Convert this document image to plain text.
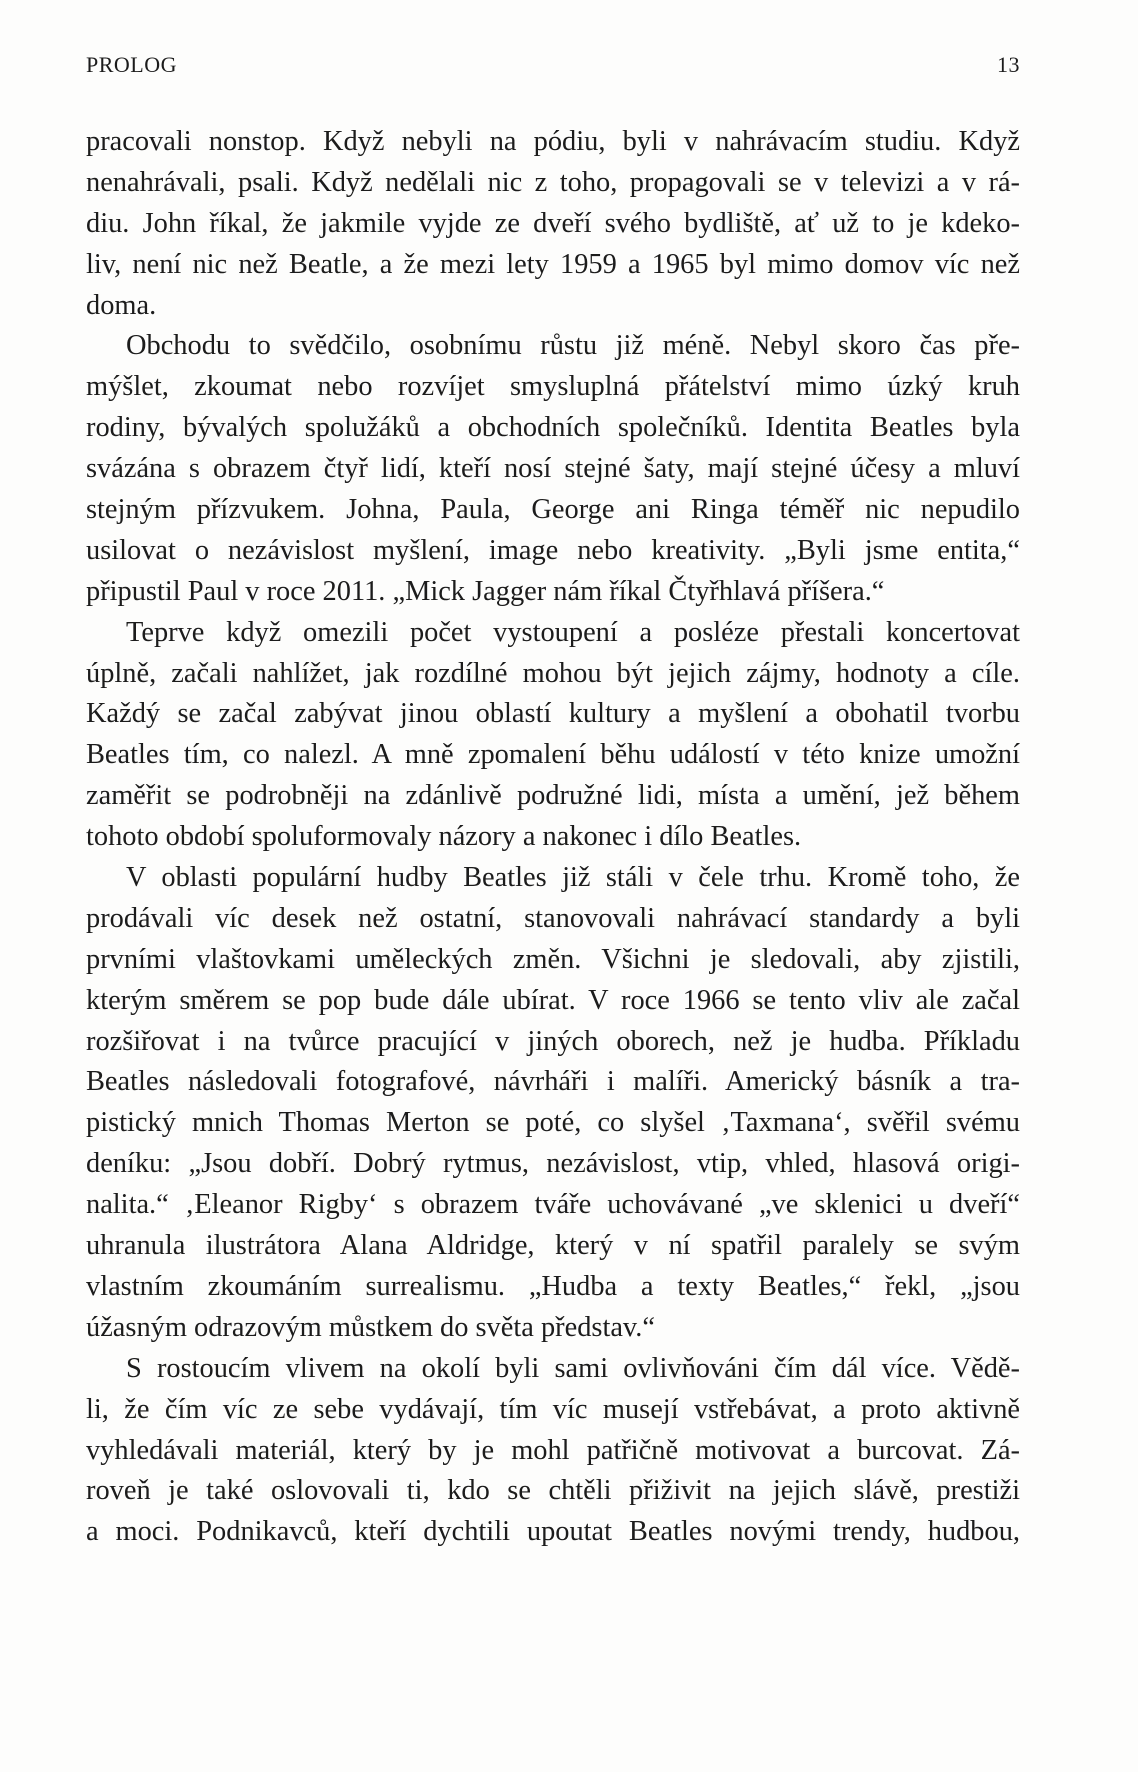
PROLOG	13
pracovali nonstop. Když nebyli na pódiu, byli v nahrávacím studiu. Když
nenahrávali, psali. Když nedělali nic z toho, propagovali se v televizi a v rá-
diu. John říkal, že jakmile vyjde ze dveří svého bydliště, ať už to je kdeko-
liv, není nic než Beatle, a že mezi lety 1959 a 1965 byl mimo domov víc než
doma.
Obchodu to svědčilo, osobnímu růstu již méně. Nebyl skoro čas pře-
mýšlet, zkoumat nebo rozvíjet smysluplná přátelství mimo úzký kruh
rodiny, bývalých spolužáků a obchodních společníků. Identita Beatles byla
svázána s obrazem čtyř lidí, kteří nosí stejné šaty, mají stejné účesy a mluví
stejným přízvukem. Johna, Paula, George ani Ringa téměř nic nepudilo
usilovat o nezávislost myšlení, image nebo kreativity. „Byli jsme entita,“
připustil Paul v roce 2011. „Mick Jagger nám říkal Čtyřhlavá příšera.“
Teprve když omezili počet vystoupení a posléze přestali koncertovat
úplně, začali nahlížet, jak rozdílné mohou být jejich zájmy, hodnoty a cíle.
Každý se začal zabývat jinou oblastí kultury a myšlení a obohatil tvorbu
Beatles tím, co nalezl. A mně zpomalení běhu událostí v této knize umožní
zaměřit se podrobněji na zdánlivě podružné lidi, místa a umění, jež během
tohoto období spoluformovaly názory a nakonec i dílo Beatles.
V oblasti populární hudby Beatles již stáli v čele trhu. Kromě toho, že
prodávali víc desek než ostatní, stanovovali nahrávací standardy a byli
prvními vlaštovkami uměleckých změn. Všichni je sledovali, aby zjistili,
kterým směrem se pop bude dále ubírat. V roce 1966 se tento vliv ale začal
rozšiřovat i na tvůrce pracující v jiných oborech, než je hudba. Příkladu
Beatles následovali fotografové, návrháři i malíři. Americký básník a tra-
pistický mnich Thomas Merton se poté, co slyšel ‚Taxmana‘, svěřil svému
deníku: „Jsou dobří. Dobrý rytmus, nezávislost, vtip, vhled, hlasová origi-
nalita.“ ‚Eleanor Rigby‘ s obrazem tváře uchovávané „ve sklenici u dveří“
uhranula ilustrátora Alana Aldridge, který v ní spatřil paralely se svým
vlastním zkoumáním surrealismu. „Hudba a texty Beatles,“ řekl, „jsou
úžasným odrazovým můstkem do světa představ.“
S rostoucím vlivem na okolí byli sami ovlivňováni čím dál více. Vědě-
li, že čím víc ze sebe vydávají, tím víc musejí vstřebávat, a proto aktivně
vyhledávali materiál, který by je mohl patřičně motivovat a burcovat. Zá-
roveň je také oslovovali ti, kdo se chtěli přiživit na jejich slávě, prestiži
a moci. Podnikavců, kteří dychtili upoutat Beatles novými trendy, hudbou,
